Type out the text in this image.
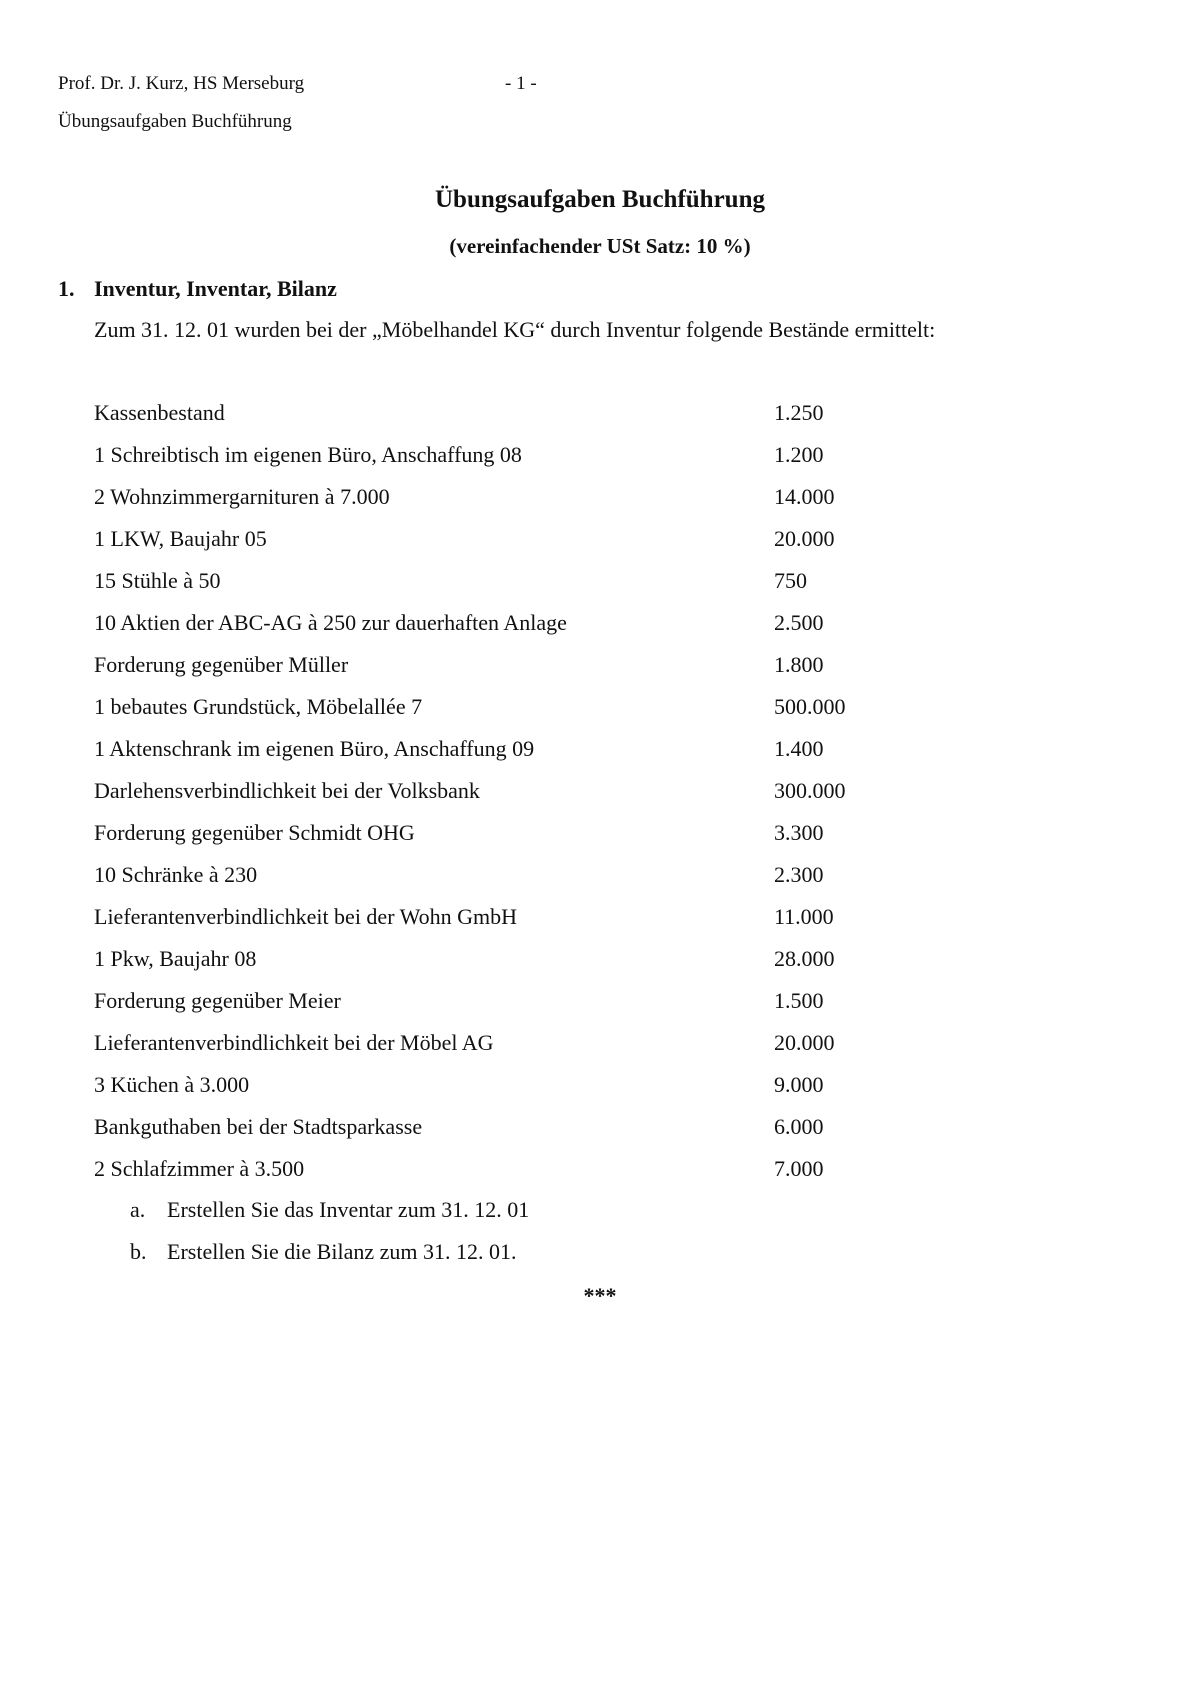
Prof. Dr. J. Kurz, HS Merseburg	- 1 -
Übungsaufgaben Buchführung
Übungsaufgaben Buchführung
(vereinfachender USt Satz: 10 %)
1. Inventur, Inventar, Bilanz
Zum 31. 12. 01 wurden bei der „Möbelhandel KG“ durch Inventur folgende Bestände ermittelt:
Kassenbestand	1.250
1 Schreibtisch im eigenen Büro, Anschaffung 08	1.200
2 Wohnzimmergarnituren à 7.000	14.000
1 LKW, Baujahr 05	20.000
15 Stühle à 50	750
10 Aktien der ABC-AG à 250 zur dauerhaften Anlage	2.500
Forderung gegenüber Müller	1.800
1 bebautes Grundstück, Möbelallée 7	500.000
1 Aktenschrank im eigenen Büro, Anschaffung 09	1.400
Darlehensverbindlichkeit bei der Volksbank	300.000
Forderung gegenüber Schmidt OHG	3.300
10 Schränke à 230	2.300
Lieferantenverbindlichkeit bei der Wohn GmbH	11.000
1 Pkw, Baujahr 08	28.000
Forderung gegenüber Meier	1.500
Lieferantenverbindlichkeit bei der Möbel AG	20.000
3 Küchen à 3.000	9.000
Bankguthaben bei der Stadtsparkasse	6.000
2 Schlafzimmer à 3.500	7.000
a. Erstellen Sie das Inventar zum 31. 12. 01
b. Erstellen Sie die Bilanz zum 31. 12. 01.
***
